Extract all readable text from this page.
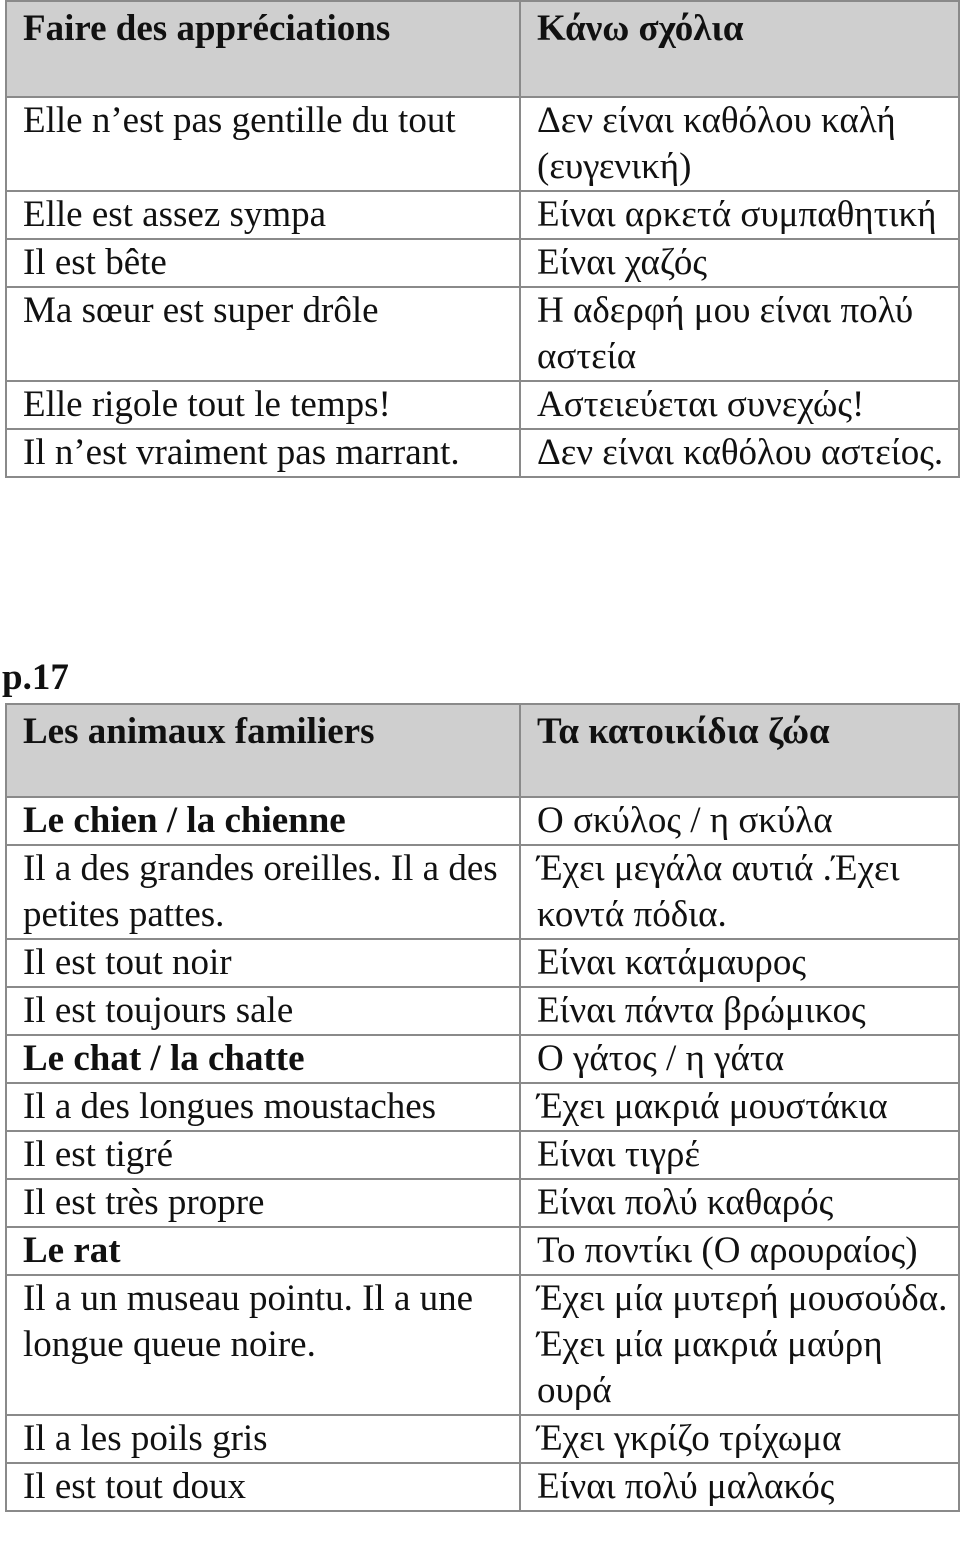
Faire des appréciations	Κάνω σχόλια
Elle n’est pas gentille du tout	Δεν είναι καθόλου καλή (ευγενική)
Elle est assez sympa	Είναι αρκετά συμπαθητική
Il est bête	Είναι χαζός
Ma sœur est super drôle	Η αδερφή μου είναι πολύ αστεία
Elle rigole tout le temps!	Αστειεύεται συνεχώς!
Il n’est vraiment pas marrant.	Δεν είναι καθόλου αστείος.
p.17
Les animaux familiers	Τα κατοικίδια ζώα
Le chien / la chienne	Ο σκύλος / η σκύλα
Il a des grandes oreilles. Il a des petites pattes.	Έχει μεγάλα αυτιά .Έχει κοντά πόδια.
Il est tout noir	Είναι κατάμαυρος
Il est toujours sale	Είναι πάντα βρώμικος
Le chat / la chatte	Ο γάτος / η γάτα
Il a des longues moustaches	Έχει μακριά μουστάκια
Il est tigré	Είναι τιγρέ
Il est très propre	Είναι πολύ καθαρός
Le rat	Το ποντίκι (Ο αρουραίος)
Il a un museau pointu. Il a une longue queue noire.	Έχει μία μυτερή μουσούδα. Έχει μία μακριά μαύρη ουρά
Il a les poils gris	Έχει γκρίζο τρίχωμα
Il est tout doux	Είναι πολύ μαλακός
